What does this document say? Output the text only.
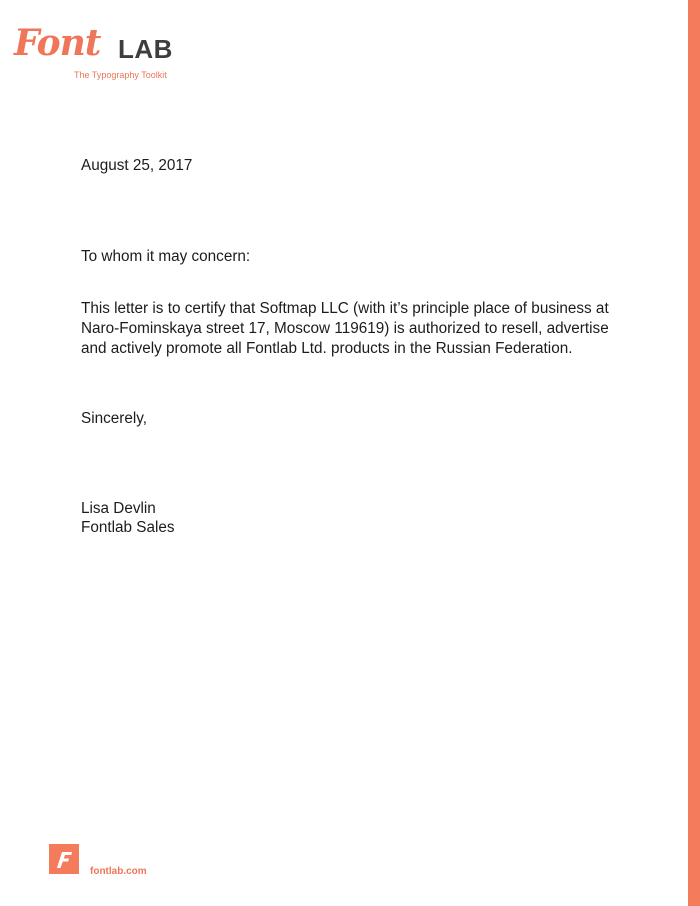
Font LAB
The Typography Toolkit
August 25, 2017
To whom it may concern:
This letter is to certify that Softmap LLC (with it’s principle place of business at
Naro-Fominskaya street 17, Moscow 119619) is authorized to resell, advertise
and actively promote all Fontlab Ltd. products in the Russian Federation.
Sincerely,
Lisa Devlin
Fontlab Sales
fontlab.com
